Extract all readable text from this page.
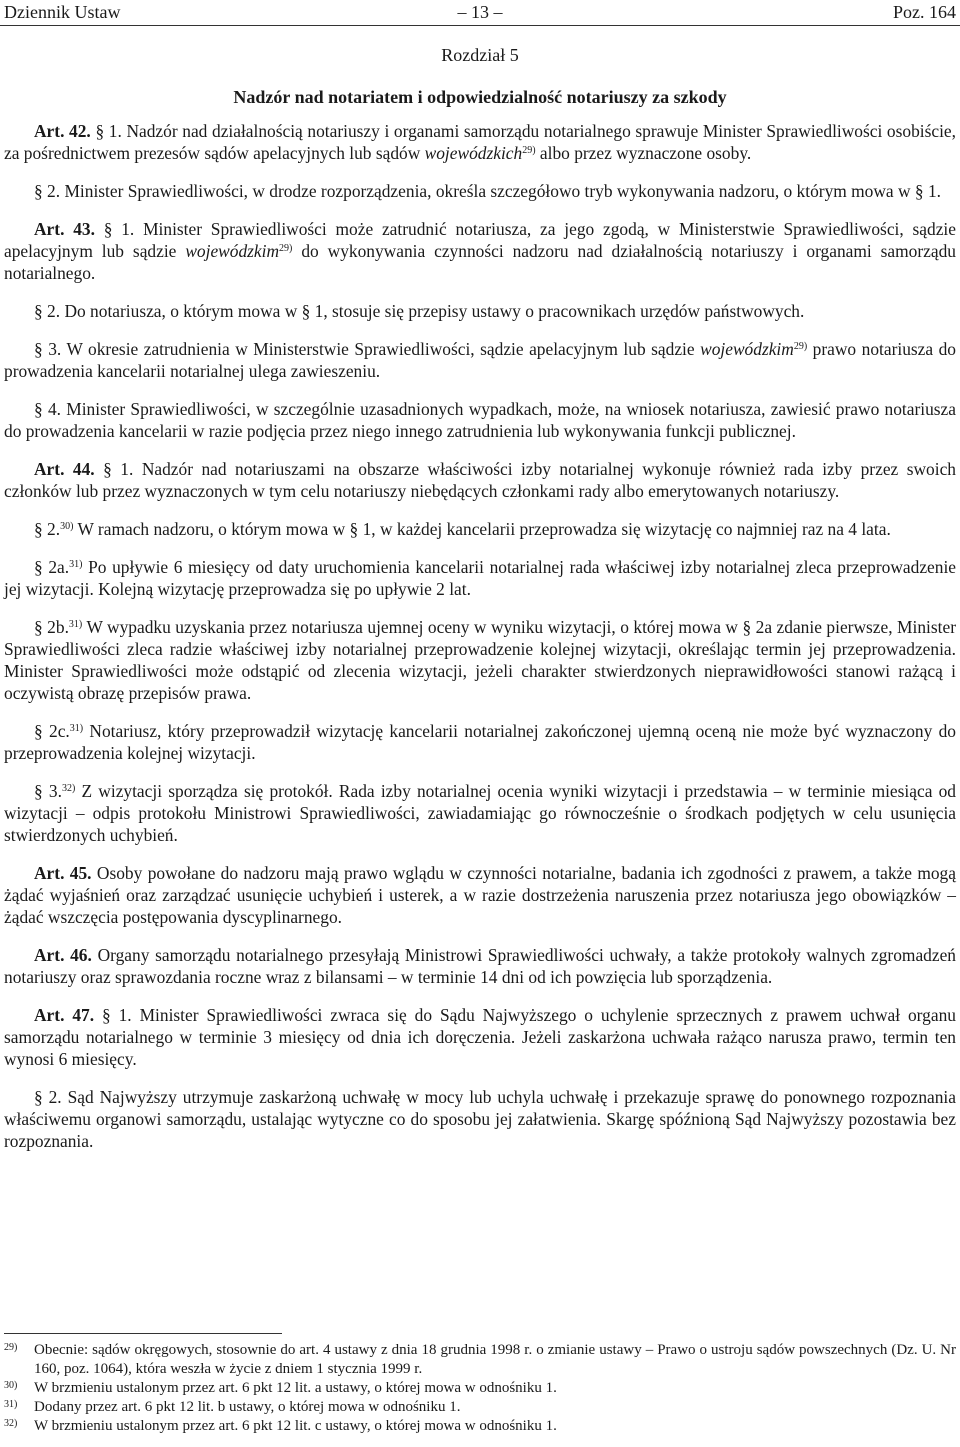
Dziennik Ustaw	– 13 –	Poz. 164
Rozdział 5
Nadzór nad notariatem i odpowiedzialność notariuszy za szkody

Art. 42. § 1. Nadzór nad działalnością notariuszy i organami samorządu notarialnego sprawuje Minister Sprawiedliwości osobiście, za pośrednictwem prezesów sądów apelacyjnych lub sądów wojewódzkich$^{29)}$ albo przez wyznaczone osoby.

§ 2. Minister Sprawiedliwości, w drodze rozporządzenia, określa szczegółowo tryb wykonywania nadzoru, o którym mowa w § 1.

Art. 43. § 1. Minister Sprawiedliwości może zatrudnić notariusza, za jego zgodą, w Ministerstwie Sprawiedliwości, sądzie apelacyjnym lub sądzie wojewódzkim$^{29)}$ do wykonywania czynności nadzoru nad działalnością notariuszy i organami samorządu notarialnego.

§ 2. Do notariusza, o którym mowa w § 1, stosuje się przepisy ustawy o pracownikach urzędów państwowych.

§ 3. W okresie zatrudnienia w Ministerstwie Sprawiedliwości, sądzie apelacyjnym lub sądzie wojewódzkim$^{29)}$ prawo notariusza do prowadzenia kancelarii notarialnej ulega zawieszeniu.

§ 4. Minister Sprawiedliwości, w szczególnie uzasadnionych wypadkach, może, na wniosek notariusza, zawiesić prawo notariusza do prowadzenia kancelarii w razie podjęcia przez niego innego zatrudnienia lub wykonywania funkcji publicznej.

Art. 44. § 1. Nadzór nad notariuszami na obszarze właściwości izby notarialnej wykonuje również rada izby przez swoich członków lub przez wyznaczonych w tym celu notariuszy niebędących członkami rady albo emerytowanych notariuszy.

§ 2.$^{30)}$ W ramach nadzoru, o którym mowa w § 1, w każdej kancelarii przeprowadza się wizytację co najmniej raz na 4 lata.

§ 2a.$^{31)}$ Po upływie 6 miesięcy od daty uruchomienia kancelarii notarialnej rada właściwej izby notarialnej zleca przeprowadzenie jej wizytacji. Kolejną wizytację przeprowadza się po upływie 2 lat.

§ 2b.$^{31)}$ W wypadku uzyskania przez notariusza ujemnej oceny w wyniku wizytacji, o której mowa w § 2a zdanie pierwsze, Minister Sprawiedliwości zleca radzie właściwej izby notarialnej przeprowadzenie kolejnej wizytacji, określając termin jej przeprowadzenia. Minister Sprawiedliwości może odstąpić od zlecenia wizytacji, jeżeli charakter stwierdzonych nieprawidłowości stanowi rażącą i oczywistą obrazę przepisów prawa.

§ 2c.$^{31)}$ Notariusz, który przeprowadził wizytację kancelarii notarialnej zakończonej ujemną oceną nie może być wyznaczony do przeprowadzenia kolejnej wizytacji.

§ 3.$^{32)}$ Z wizytacji sporządza się protokół. Rada izby notarialnej ocenia wyniki wizytacji i przedstawia – w terminie miesiąca od wizytacji – odpis protokołu Ministrowi Sprawiedliwości, zawiadamiając go równocześnie o środkach podjętych w celu usunięcia stwierdzonych uchybień.

Art. 45. Osoby powołane do nadzoru mają prawo wglądu w czynności notarialne, badania ich zgodności z prawem, a także mogą żądać wyjaśnień oraz zarządzać usunięcie uchybień i usterek, a w razie dostrzeżenia naruszenia przez notariusza jego obowiązków – żądać wszczęcia postępowania dyscyplinarnego.

Art. 46. Organy samorządu notarialnego przesyłają Ministrowi Sprawiedliwości uchwały, a także protokoły walnych zgromadzeń notariuszy oraz sprawozdania roczne wraz z bilansami – w terminie 14 dni od ich powzięcia lub sporządzenia.

Art. 47. § 1. Minister Sprawiedliwości zwraca się do Sądu Najwyższego o uchylenie sprzecznych z prawem uchwał organu samorządu notarialnego w terminie 3 miesięcy od dnia ich doręczenia. Jeżeli zaskarżona uchwała rażąco narusza prawo, termin ten wynosi 6 miesięcy.

§ 2. Sąd Najwyższy utrzymuje zaskarżoną uchwałę w mocy lub uchyla uchwałę i przekazuje sprawę do ponownego rozpoznania właściwemu organowi samorządu, ustalając wytyczne co do sposobu jej załatwienia. Skargę spóźnioną Sąd Najwyższy pozostawia bez rozpoznania.

29) Obecnie: sądów okręgowych, stosownie do art. 4 ustawy z dnia 18 grudnia 1998 r. o zmianie ustawy – Prawo o ustroju sądów powszechnych (Dz. U. Nr 160, poz. 1064), która weszła w życie z dniem 1 stycznia 1999 r.
30) W brzmieniu ustalonym przez art. 6 pkt 12 lit. a ustawy, o której mowa w odnośniku 1.
31) Dodany przez art. 6 pkt 12 lit. b ustawy, o której mowa w odnośniku 1.
32) W brzmieniu ustalonym przez art. 6 pkt 12 lit. c ustawy, o której mowa w odnośniku 1.
